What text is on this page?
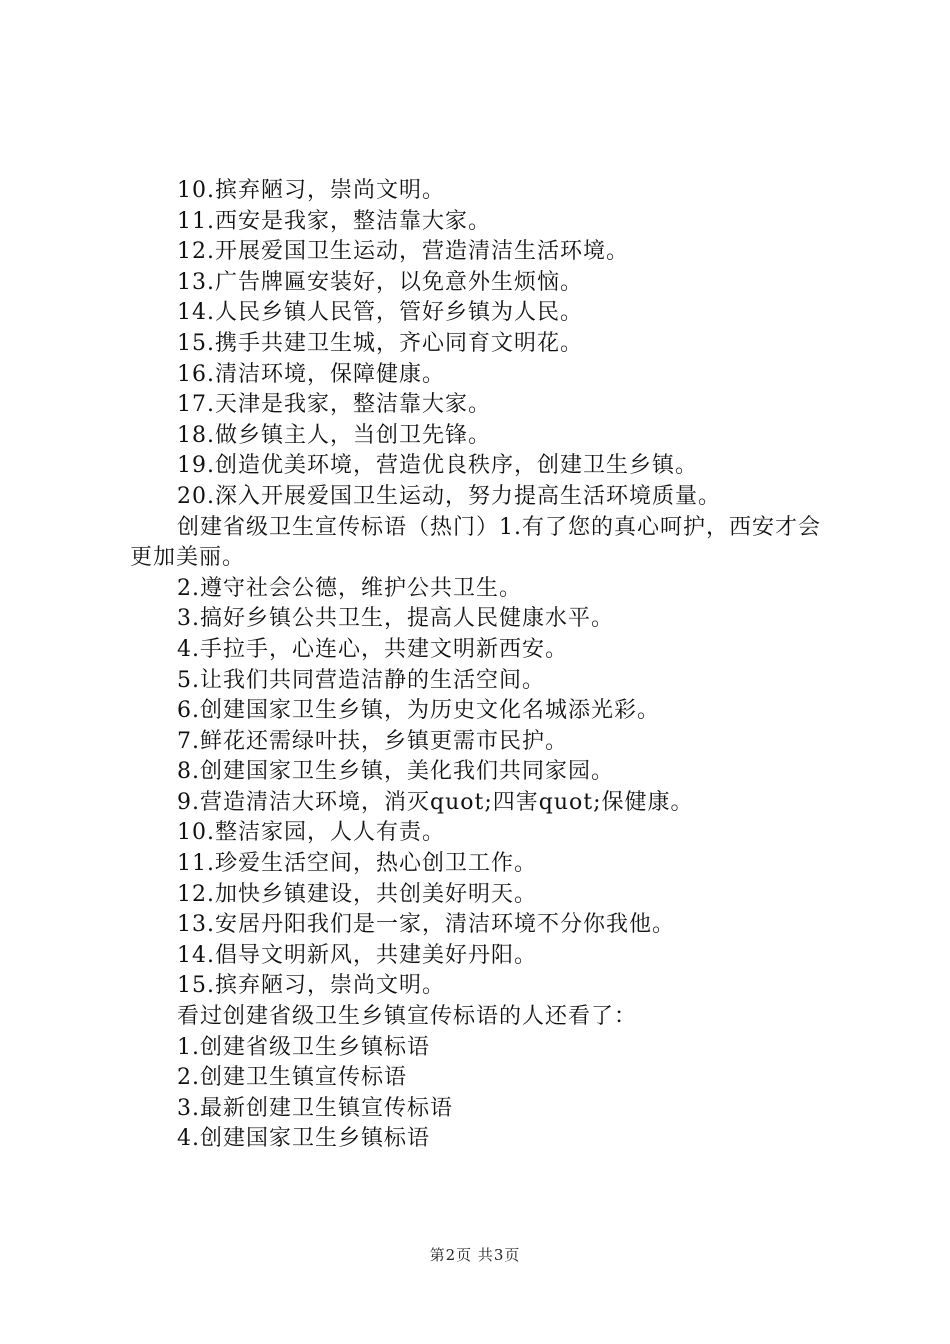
10.摈弃陋习，崇尚文明。
11.西安是我家，整洁靠大家。
12.开展爱国卫生运动，营造清洁生活环境。
13.广告牌匾安装好，以免意外生烦恼。
14.人民乡镇人民管，管好乡镇为人民。
15.携手共建卫生城，齐心同育文明花。
16.清洁环境，保障健康。
17.天津是我家，整洁靠大家。
18.做乡镇主人，当创卫先锋。
19.创造优美环境，营造优良秩序，创建卫生乡镇。
20.深入开展爱国卫生运动，努力提高生活环境质量。
创建省级卫生宣传标语（热门）1.有了您的真心呵护，西安才会更加美丽。
2.遵守社会公德，维护公共卫生。
3.搞好乡镇公共卫生，提高人民健康水平。
4.手拉手，心连心，共建文明新西安。
5.让我们共同营造洁静的生活空间。
6.创建国家卫生乡镇，为历史文化名城添光彩。
7.鲜花还需绿叶扶，乡镇更需市民护。
8.创建国家卫生乡镇，美化我们共同家园。
9.营造清洁大环境，消灭quot;四害quot;保健康。
10.整洁家园，人人有责。
11.珍爱生活空间，热心创卫工作。
12.加快乡镇建设，共创美好明天。
13.安居丹阳我们是一家，清洁环境不分你我他。
14.倡导文明新风，共建美好丹阳。
15.摈弃陋习，崇尚文明。
看过创建省级卫生乡镇宣传标语的人还看了：
1.创建省级卫生乡镇标语
2.创建卫生镇宣传标语
3.最新创建卫生镇宣传标语
4.创建国家卫生乡镇标语
第2页 共3页
